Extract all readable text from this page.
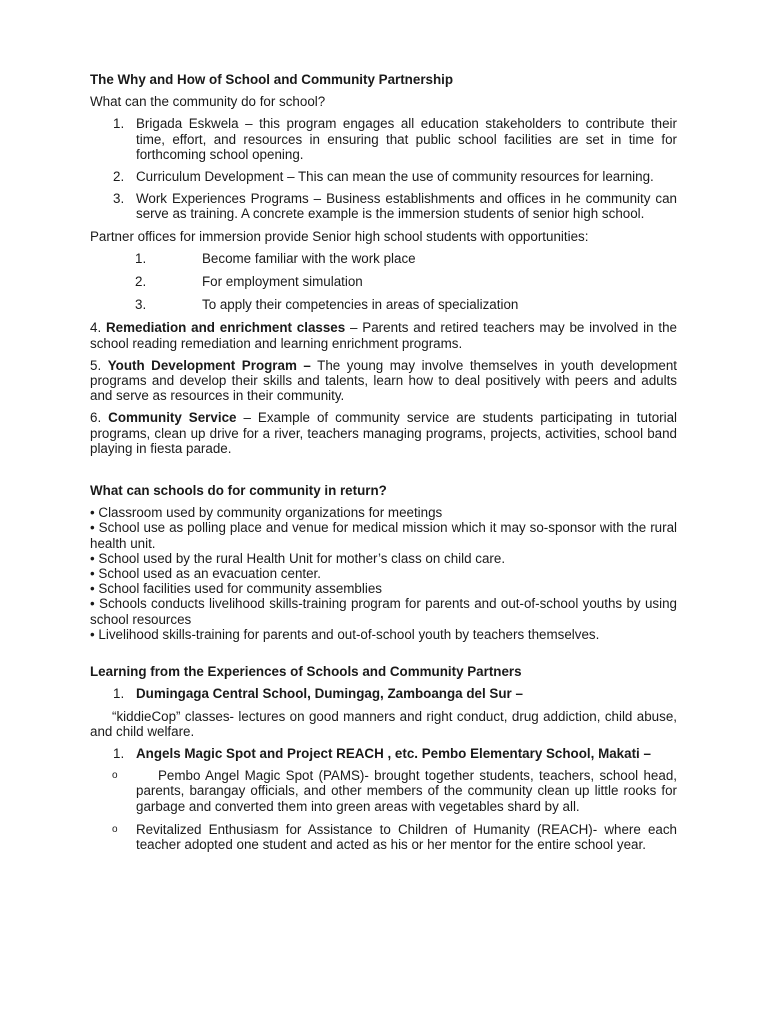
The Why and How of School and Community Partnership

What can the community do for school?

1. Brigada Eskwela – this program engages all education stakeholders to contribute their time, effort, and resources in ensuring that public school facilities are set in time for forthcoming school opening.
2. Curriculum Development – This can mean the use of community resources for learning.
3. Work Experiences Programs – Business establishments and offices in he community can serve as training. A concrete example is the immersion students of senior high school.

Partner offices for immersion provide Senior high school students with opportunities:

1.	Become familiar with the work place
2.	For employment simulation
3.	To apply their competencies in areas of specialization

4. Remediation and enrichment classes – Parents and retired teachers may be involved in the school reading remediation and learning enrichment programs.

5. Youth Development Program – The young may involve themselves in youth development programs and develop their skills and talents, learn how to deal positively with peers and adults and serve as resources in their community.

6. Community Service – Example of community service are students participating in tutorial programs, clean up drive for a river, teachers managing programs, projects, activities, school band playing in fiesta parade.

What can schools do for community in return?

• Classroom used by community organizations for meetings

• School use as polling place and venue for medical mission which it may so-sponsor with the rural health unit.

• School used by the rural Health Unit for mother’s class on child care.

• School used as an evacuation center.

• School facilities used for community assemblies

• Schools conducts livelihood skills-training program for parents and out-of-school youths by using school resources

• Livelihood skills-training for parents and out-of-school youth by teachers themselves.

Learning from the Experiences of Schools and Community Partners

1. Dumingaga Central School, Dumingag, Zamboanga del Sur –

“kiddieCop” classes- lectures on good manners and right conduct, drug addiction, child abuse, and child welfare.

1. Angels Magic Spot and Project REACH , etc. Pembo Elementary School, Makati –
o	Pembo Angel Magic Spot (PAMS)- brought together students, teachers, school head, parents, barangay officials, and other members of the community clean up little rooks for garbage and converted them into green areas with vegetables shard by all.
o	Revitalized Enthusiasm for Assistance to Children of Humanity (REACH)- where each teacher adopted one student and acted as his or her mentor for the entire school year.
